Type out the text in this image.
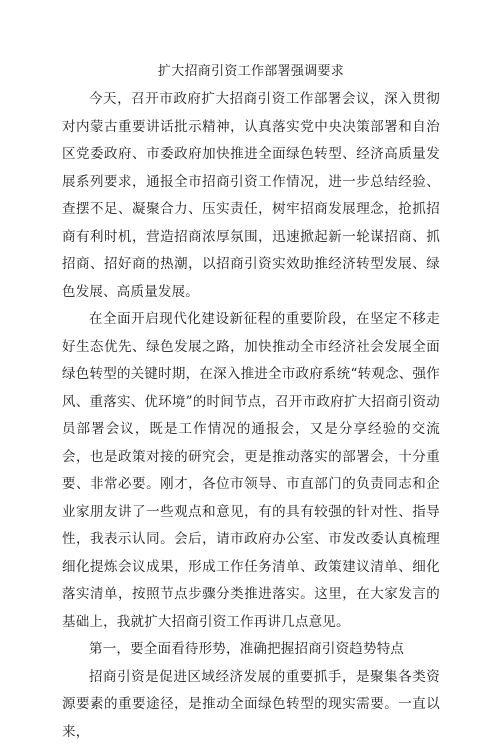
扩大招商引资工作部署强调要求

今天，召开市政府扩大招商引资工作部署会议，深入贯彻对内蒙古重要讲话批示精神，认真落实党中央决策部署和自治区党委政府、市委政府加快推进全面绿色转型、经济高质量发展系列要求，通报全市招商引资工作情况，进一步总结经验、查摆不足、凝聚合力、压实责任，树牢招商发展理念，抢抓招商有利时机，营造招商浓厚氛围，迅速掀起新一轮谋招商、抓招商、招好商的热潮，以招商引资实效助推经济转型发展、绿色发展、高质量发展。

在全面开启现代化建设新征程的重要阶段，在坚定不移走好生态优先、绿色发展之路，加快推动全市经济社会发展全面绿色转型的关键时期，在深入推进全市政府系统“转观念、强作风、重落实、优环境”的时间节点，召开市政府扩大招商引资动员部署会议，既是工作情况的通报会，又是分享经验的交流会，也是政策对接的研究会，更是推动落实的部署会，十分重要、非常必要。刚才，各位市领导、市直部门的负责同志和企业家朋友讲了一些观点和意见，有的具有较强的针对性、指导性，我表示认同。会后，请市政府办公室、市发改委认真梳理细化提炼会议成果，形成工作任务清单、政策建议清单、细化落实清单，按照节点步骤分类推进落实。这里，在大家发言的基础上，我就扩大招商引资工作再讲几点意见。

第一，要全面看待形势，准确把握招商引资趋势特点

招商引资是促进区域经济发展的重要抓手，是聚集各类资源要素的重要途径，是推动全面绿色转型的现实需要。一直以来，
